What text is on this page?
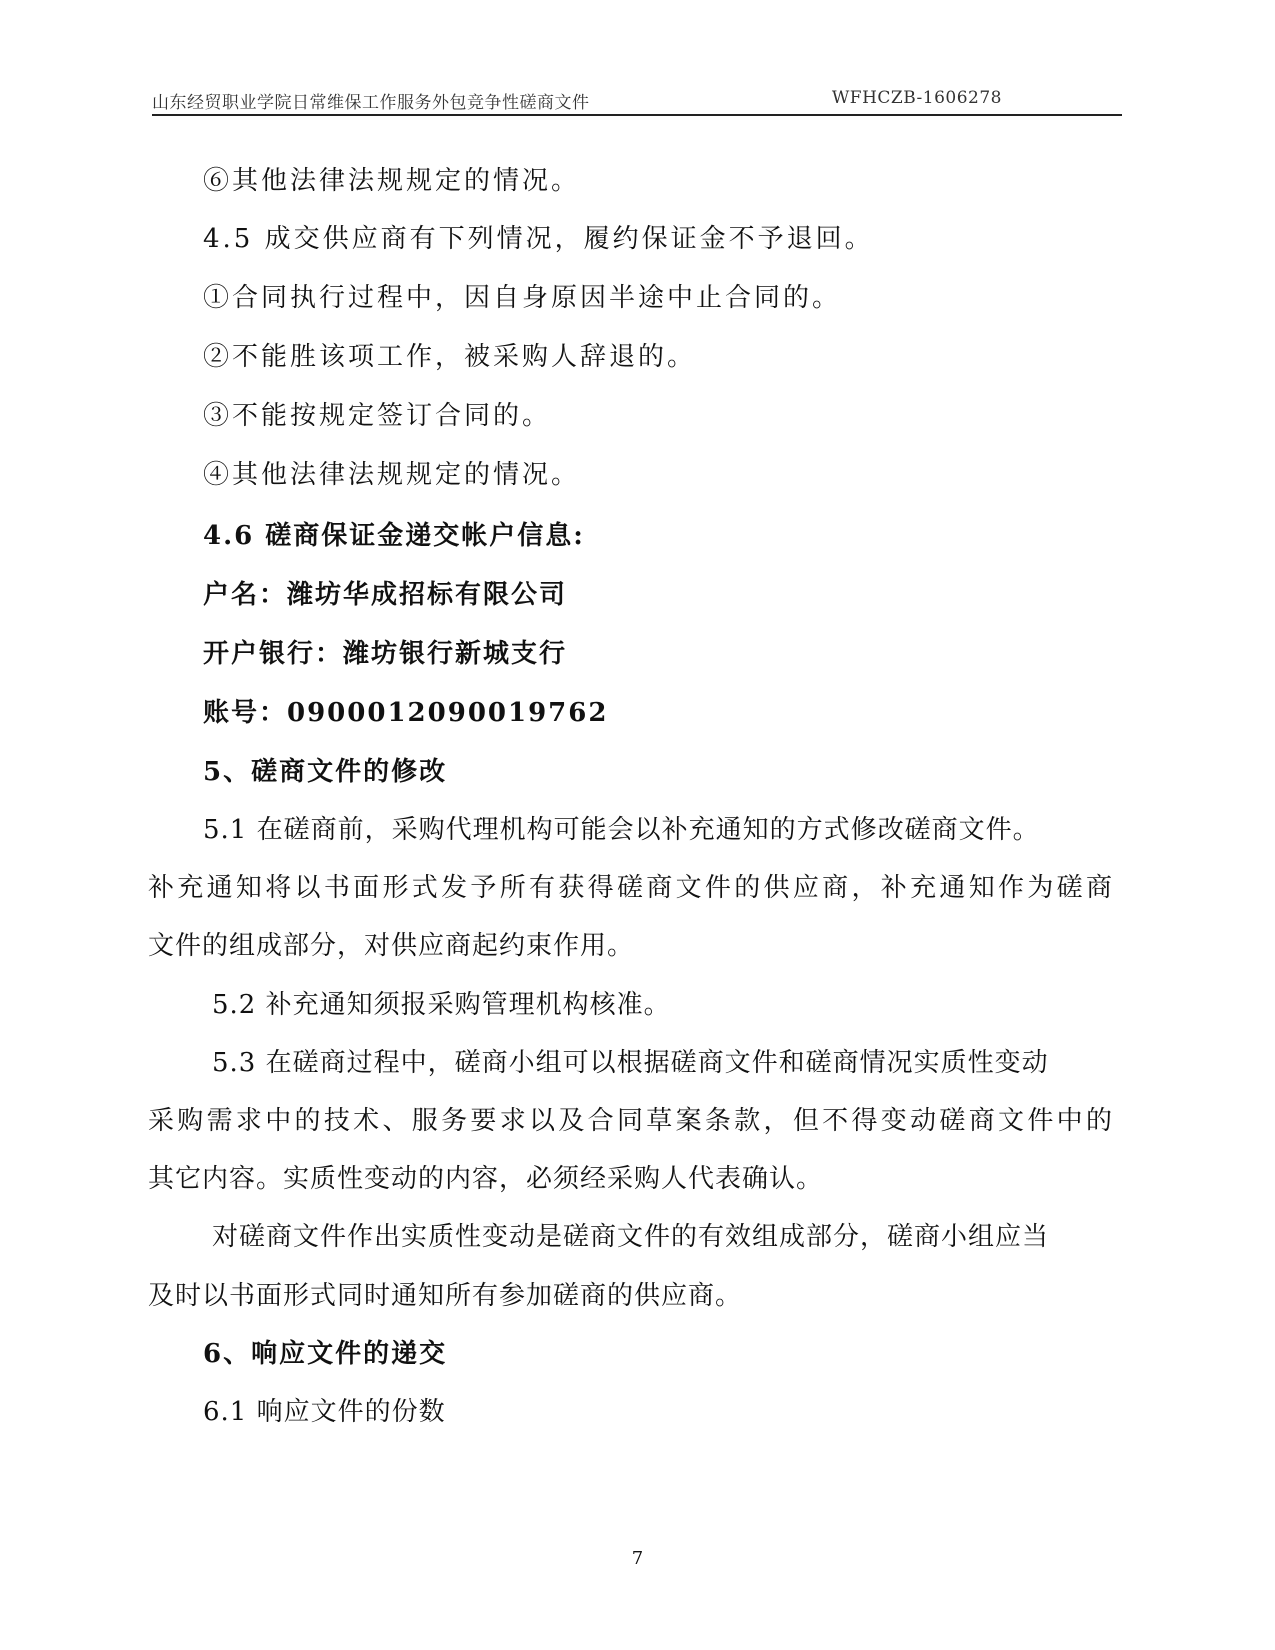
山东经贸职业学院日常维保工作服务外包竞争性磋商文件	WFHCZB-1606278
⑥其他法律法规规定的情况。
4.5 成交供应商有下列情况，履约保证金不予退回。
①合同执行过程中，因自身原因半途中止合同的。
②不能胜该项工作，被采购人辞退的。
③不能按规定签订合同的。
④其他法律法规规定的情况。
4.6 磋商保证金递交帐户信息:
户名：潍坊华成招标有限公司
开户银行：潍坊银行新城支行
账号：0900012090019762
5、磋商文件的修改
5.1 在磋商前，采购代理机构可能会以补充通知的方式修改磋商文件。
补充通知将以书面形式发予所有获得磋商文件的供应商，补充通知作为磋商
文件的组成部分，对供应商起约束作用。
5.2 补充通知须报采购管理机构核准。
5.3 在磋商过程中，磋商小组可以根据磋商文件和磋商情况实质性变动
采购需求中的技术、服务要求以及合同草案条款，但不得变动磋商文件中的
其它内容。实质性变动的内容，必须经采购人代表确认。
对磋商文件作出实质性变动是磋商文件的有效组成部分，磋商小组应当
及时以书面形式同时通知所有参加磋商的供应商。
6、响应文件的递交
6.1 响应文件的份数
7
